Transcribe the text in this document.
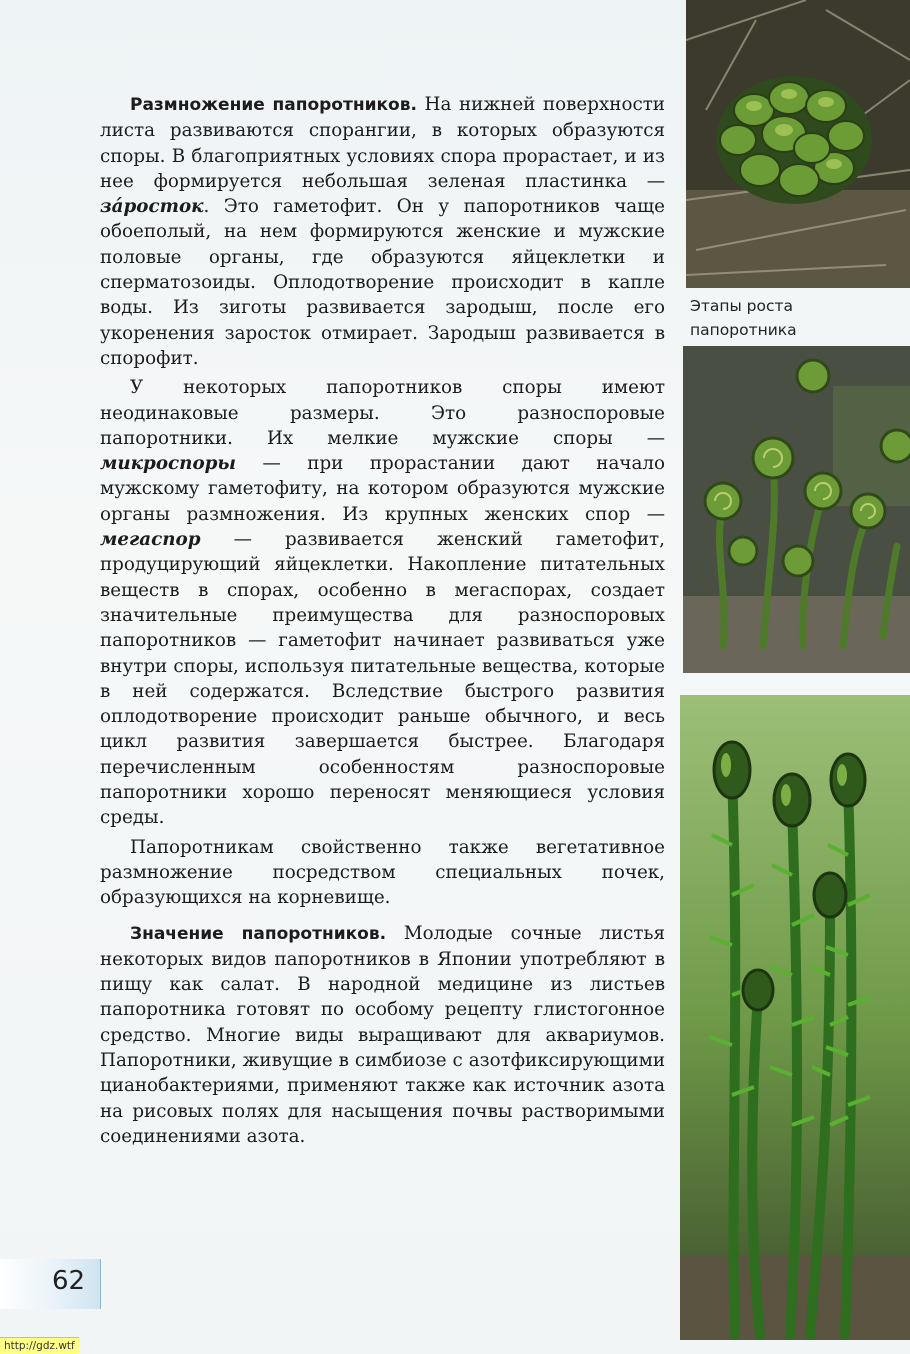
Размножение папоротников. На нижней поверхности листа развиваются спорангии, в которых образуются споры. В благоприятных условиях спора прорастает, и из нее формируется небольшая зеленая пластинка — зáросток. Это гаметофит. Он у папоротников чаще обоеполый, на нем формируются женские и мужские половые органы, где образуются яйцеклетки и сперматозоиды. Оплодотворение происходит в капле воды. Из зиготы развивается зародыш, после его укоренения заросток отмирает. Зародыш развивается в спорофит.

У некоторых папоротников споры имеют неодинаковые размеры. Это разноспоровые папоротники. Их мелкие мужские споры — микроспоры — при прорастании дают начало мужскому гаметофиту, на котором образуются мужские органы размножения. Из крупных женских спор — мегаспор — развивается женский гаметофит, продуцирующий яйцеклетки. Накопление питательных веществ в спорах, особенно в мегаспорах, создает значительные преимущества для разноспоровых папоротников — гаметофит начинает развиваться уже внутри споры, используя питательные вещества, которые в ней содержатся. Вследствие быстрого развития оплодотворение происходит раньше обычного, и весь цикл развития завершается быстрее. Благодаря перечисленным особенностям разноспоровые папоротники хорошо переносят меняющиеся условия среды.

Папоротникам свойственно также вегетативное размножение посредством специальных почек, образующихся на корневище.

Значение папоротников. Молодые сочные листья некоторых видов папоротников в Японии употребляют в пищу как салат. В народной медицине из листьев папоротника готовят по особому рецепту глистогонное средство. Многие виды выращивают для аквариумов. Папоротники, живущие в симбиозе с азотфиксирующими цианобактериями, применяют также как источник азота на рисовых полях для насыщения почвы растворимыми соединениями азота.

Этапы роста
папоротника
62
http://gdz.wtf
